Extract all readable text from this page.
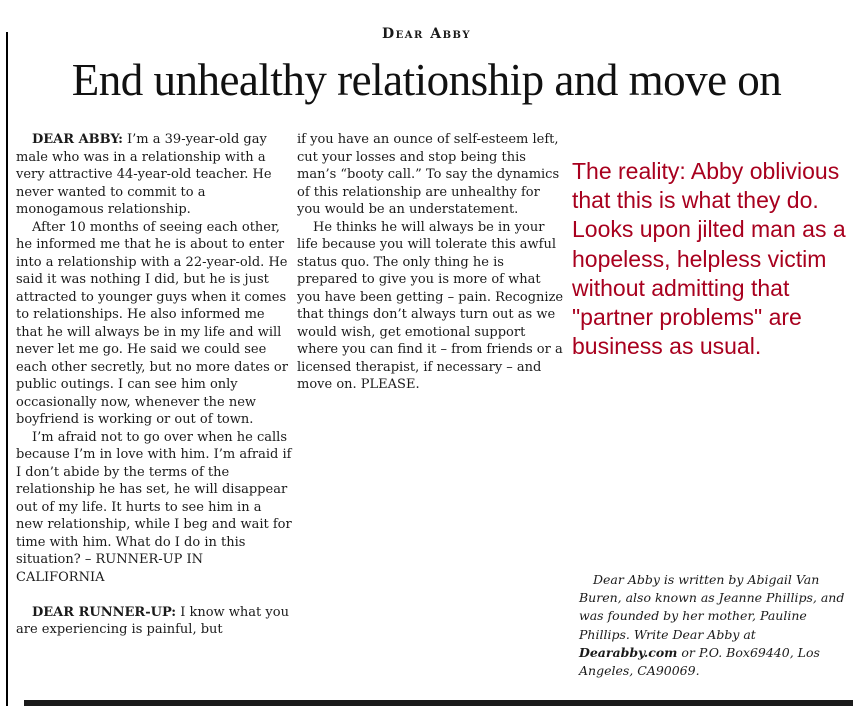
Dear Abby
End unhealthy relationship and move on

DEAR ABBY: I’m a 39-year-old gay male who was in a relationship with a very attractive 44-year-old teacher. He never wanted to commit to a monogamous relationship.

After 10 months of seeing each other, he informed me that he is about to enter into a relationship with a 22-year-old. He said it was nothing I did, but he is just attracted to younger guys when it comes to relationships. He also informed me that he will always be in my life and will never let me go. He said we could see each other secretly, but no more dates or public outings. I can see him only occasionally now, whenever the new boyfriend is working or out of town.

I’m afraid not to go over when he calls because I’m in love with him. I’m afraid if I don’t abide by the terms of the relationship he has set, he will disappear out of my life. It hurts to see him in a new relationship, while I beg and wait for time with him. What do I do in this situation? – RUNNER-UP IN CALIFORNIA

DEAR RUNNER-UP: I know what you are experiencing is painful, but

if you have an ounce of self-esteem left, cut your losses and stop being this man’s “booty call.” To say the dynamics of this relationship are unhealthy for you would be an understatement.

He thinks he will always be in your life because you will tolerate this awful status quo. The only thing he is prepared to give you is more of what you have been getting – pain. Recognize that things don’t always turn out as we would wish, get emotional support where you can find it – from friends or a licensed therapist, if necessary – and move on. PLEASE.

The reality: Abby oblivious that this is what they do. Looks upon jilted man as a hopeless, helpless victim without admitting that "partner problems" are business as usual.
Dear Abby is written by Abigail Van Buren, also known as Jeanne Phillips, and was founded by her mother, Pauline Phillips. Write Dear Abby at Dearabby.com or P.O. Box69440, Los Angeles, CA90069.
